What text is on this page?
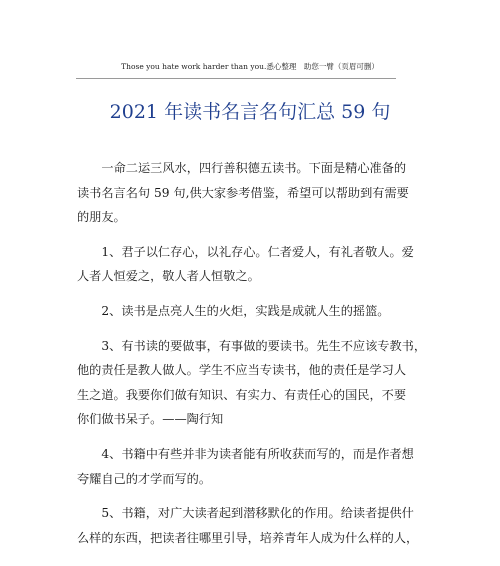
Those you hate work harder than you.悉心整理　助您一臂（页眉可删）
2021 年读书名言名句汇总 59 句

一命二运三风水，四行善积德五读书。下面是精心准备的
读书名言名句 59 句,供大家参考借鉴，希望可以帮助到有需要
的朋友。

1、君子以仁存心，以礼存心。仁者爱人，有礼者敬人。爱
人者人恒爱之，敬人者人恒敬之。

2、读书是点亮人生的火炬，实践是成就人生的摇篮。

3、有书读的要做事，有事做的要读书。先生不应该专教书，
他的责任是教人做人。学生不应当专读书，他的责任是学习人
生之道。我要你们做有知识、有实力、有责任心的国民，不要
你们做书呆子。——陶行知

4、书籍中有些并非为读者能有所收获而写的，而是作者想
夸耀自己的才学而写的。

5、书籍，对广大读者起到潜移默化的作用。给读者提供什
么样的东西，把读者往哪里引导，培养青年人成为什么样的人，
